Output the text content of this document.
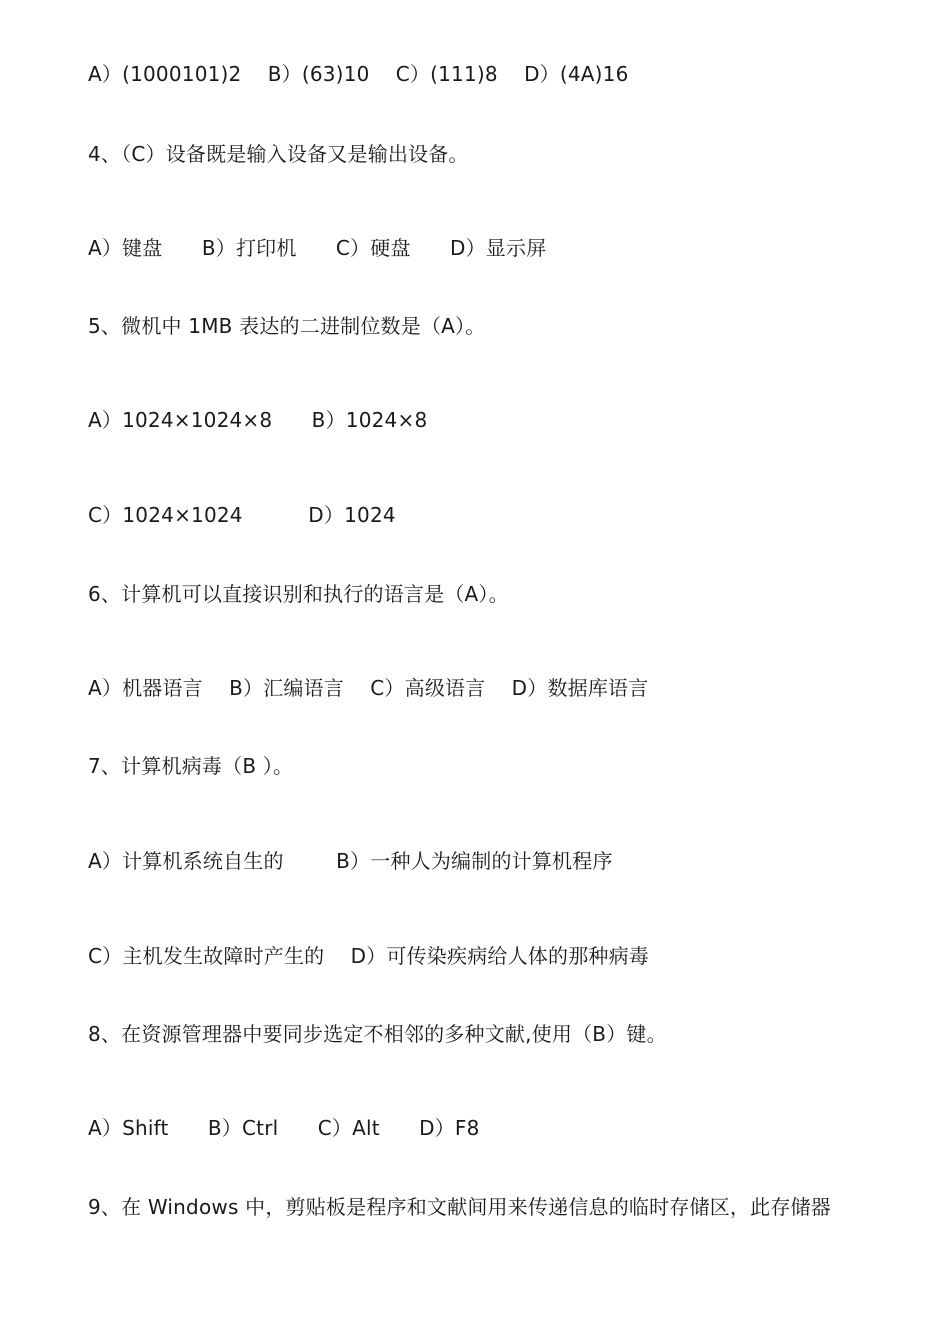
A）(1000101)2    B）(63)10    C）(111)8    D）(4A)16
4、（C）设备既是输入设备又是输出设备。
A）键盘      B）打印机      C）硬盘      D）显示屏
5、微机中 1MB 表达的二进制位数是（A）。
A）1024×1024×8      B）1024×8
C）1024×1024          D）1024
6、计算机可以直接识别和执行的语言是（A）。
A）机器语言    B）汇编语言    C）高级语言    D）数据库语言
7、计算机病毒（B ）。
A）计算机系统自生的        B）一种人为编制的计算机程序
C）主机发生故障时产生的    D）可传染疾病给人体的那种病毒
8、在资源管理器中要同步选定不相邻的多种文献,使用（B）键。
A）Shift      B）Ctrl      C）Alt      D）F8
9、在 Windows 中，剪贴板是程序和文献间用来传递信息的临时存储区，此存储器
